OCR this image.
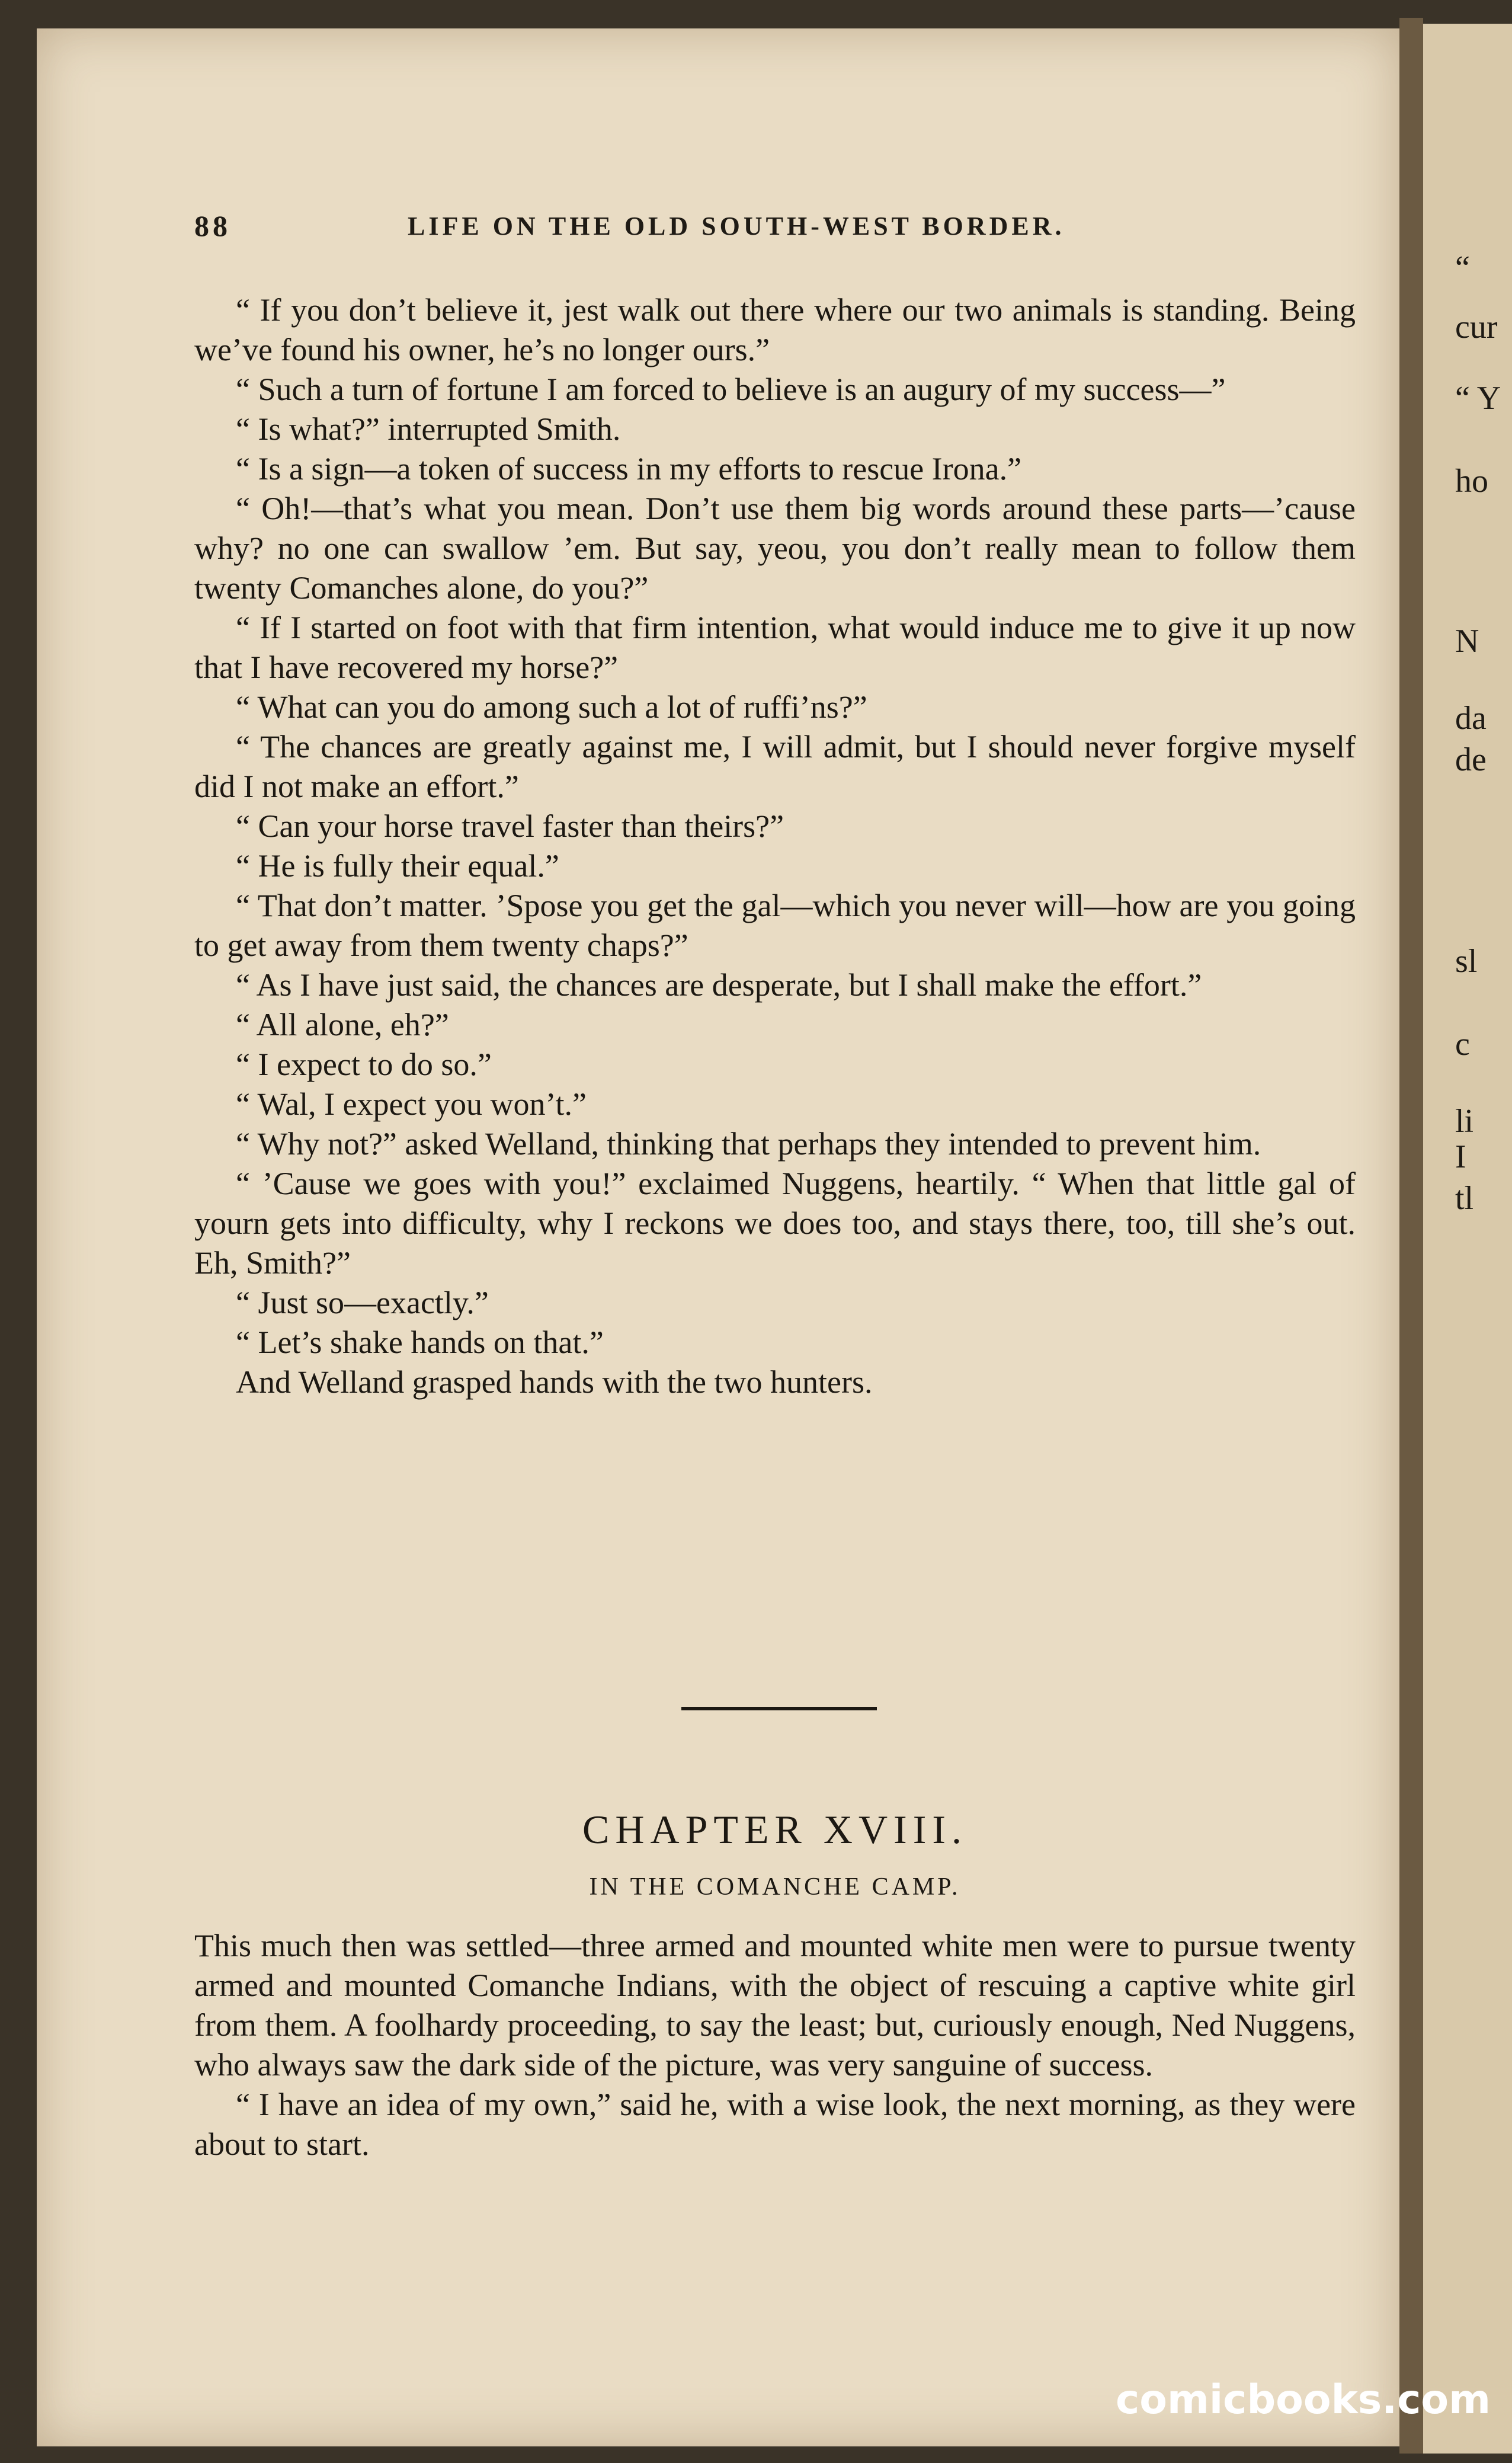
“
cur
“ Y
ho
N
da
de
sl
c
li
I
tl
88	LIFE ON THE OLD SOUTH-WEST BORDER.

“ If you don’t believe it, jest walk out there where our two animals is standing. Being we’ve found his owner, he’s no longer ours.”

“ Such a turn of fortune I am forced to believe is an augury of my success—”

“ Is what?” interrupted Smith.

“ Is a sign—a token of success in my efforts to rescue Irona.”

“ Oh!—that’s what you mean. Don’t use them big words around these parts—’cause why? no one can swallow ’em. But say, yeou, you don’t really mean to follow them twenty Comanches alone, do you?”

“ If I started on foot with that firm intention, what would induce me to give it up now that I have recovered my horse?”

“ What can you do among such a lot of ruffi’ns?”

“ The chances are greatly against me, I will admit, but I should never forgive myself did I not make an effort.”

“ Can your horse travel faster than theirs?”

“ He is fully their equal.”

“ That don’t matter. ’Spose you get the gal—which you never will—how are you going to get away from them twenty chaps?”

“ As I have just said, the chances are desperate, but I shall make the effort.”

“ All alone, eh?”

“ I expect to do so.”

“ Wal, I expect you won’t.”

“ Why not?” asked Welland, thinking that perhaps they intended to prevent him.

“ ’Cause we goes with you!” exclaimed Nuggens, heartily. “ When that little gal of yourn gets into difficulty, why I reckons we does too, and stays there, too, till she’s out. Eh, Smith?”

“ Just so—exactly.”

“ Let’s shake hands on that.”

And Welland grasped hands with the two hunters.

CHAPTER XVIII.
IN THE COMANCHE CAMP.

This much then was settled—three armed and mounted white men were to pursue twenty armed and mounted Comanche Indians, with the object of rescuing a captive white girl from them. A foolhardy proceeding, to say the least; but, curiously enough, Ned Nuggens, who always saw the dark side of the picture, was very sanguine of success.

“ I have an idea of my own,” said he, with a wise look, the next morning, as they were about to start.

comicbooks.com
